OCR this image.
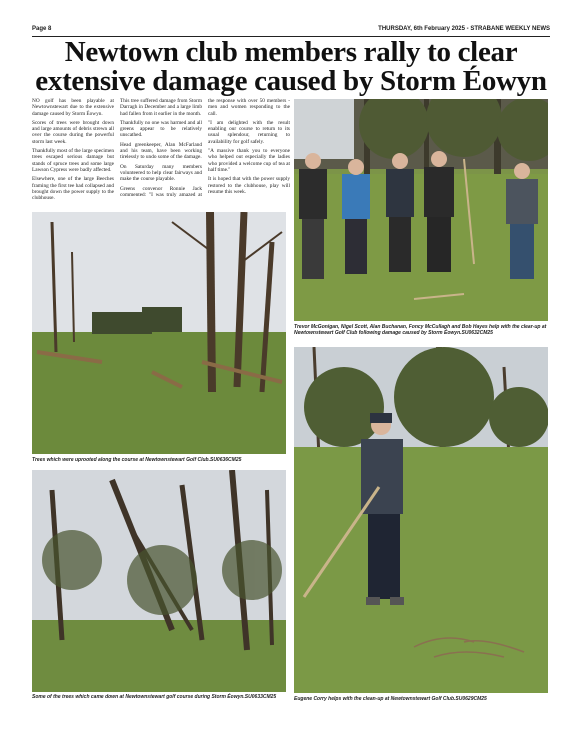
Page 8	THURSDAY, 6th February 2025 - STRABANE WEEKLY NEWS
Newtown club members rally to clear extensive damage caused by Storm Éowyn

NO golf has been playable at Newtownstewart due to the extensive damage caused by Storm Éowyn.

Scores of trees were brought down and large amounts of debris strewn all over the course during the powerful storm last week.

Thankfully most of the large specimen trees escaped serious damage but stands of spruce trees and some large Lawson Cypress were badly affected.

Elsewhere, one of the large Beeches framing the first tee had collapsed and brought down the power supply to the clubhouse.

This tree suffered damage from Storm Darragh in December and a large limb had fallen from it earlier in the month.

Thankfully no one was harmed and all greens appear to be relatively unscathed.

Head greenkeeper, Alan McFarland and his team, have been working tirelessly to undo some of the damage.

On Saturday many members volunteered to help clear fairways and make the course playable.

Greens convenor Ronnie Jack commented: "I was truly amazed at the response with over 50 members - men and women responding to the call.

"I am delighted with the result enabling our course to return to its usual splendour, returning to availability for golf safely.

"A massive thank you to everyone who helped out especially the ladies who provided a welcome cup of tea at half time."

It is hoped that with the power supply restored to the clubhouse, play will resume this week.

Trevor McGonigan, Nigel Scott, Alan Buchanan, Foncy McCullagh and Bob Hayes help with the clear-up at Newtownstewart Golf Club following damage caused by Storm Éowyn.SU0632CM25
Trees which were uprooted along the course at Newtownstewart Golf Club.SU0636CM25
Some of the trees which came down at Newtownstewart golf course during Storm Éowyn.SU0633CM25	Eugene Corry helps with the clean-up at Newtownstewart Golf Club.SU0629CM25
